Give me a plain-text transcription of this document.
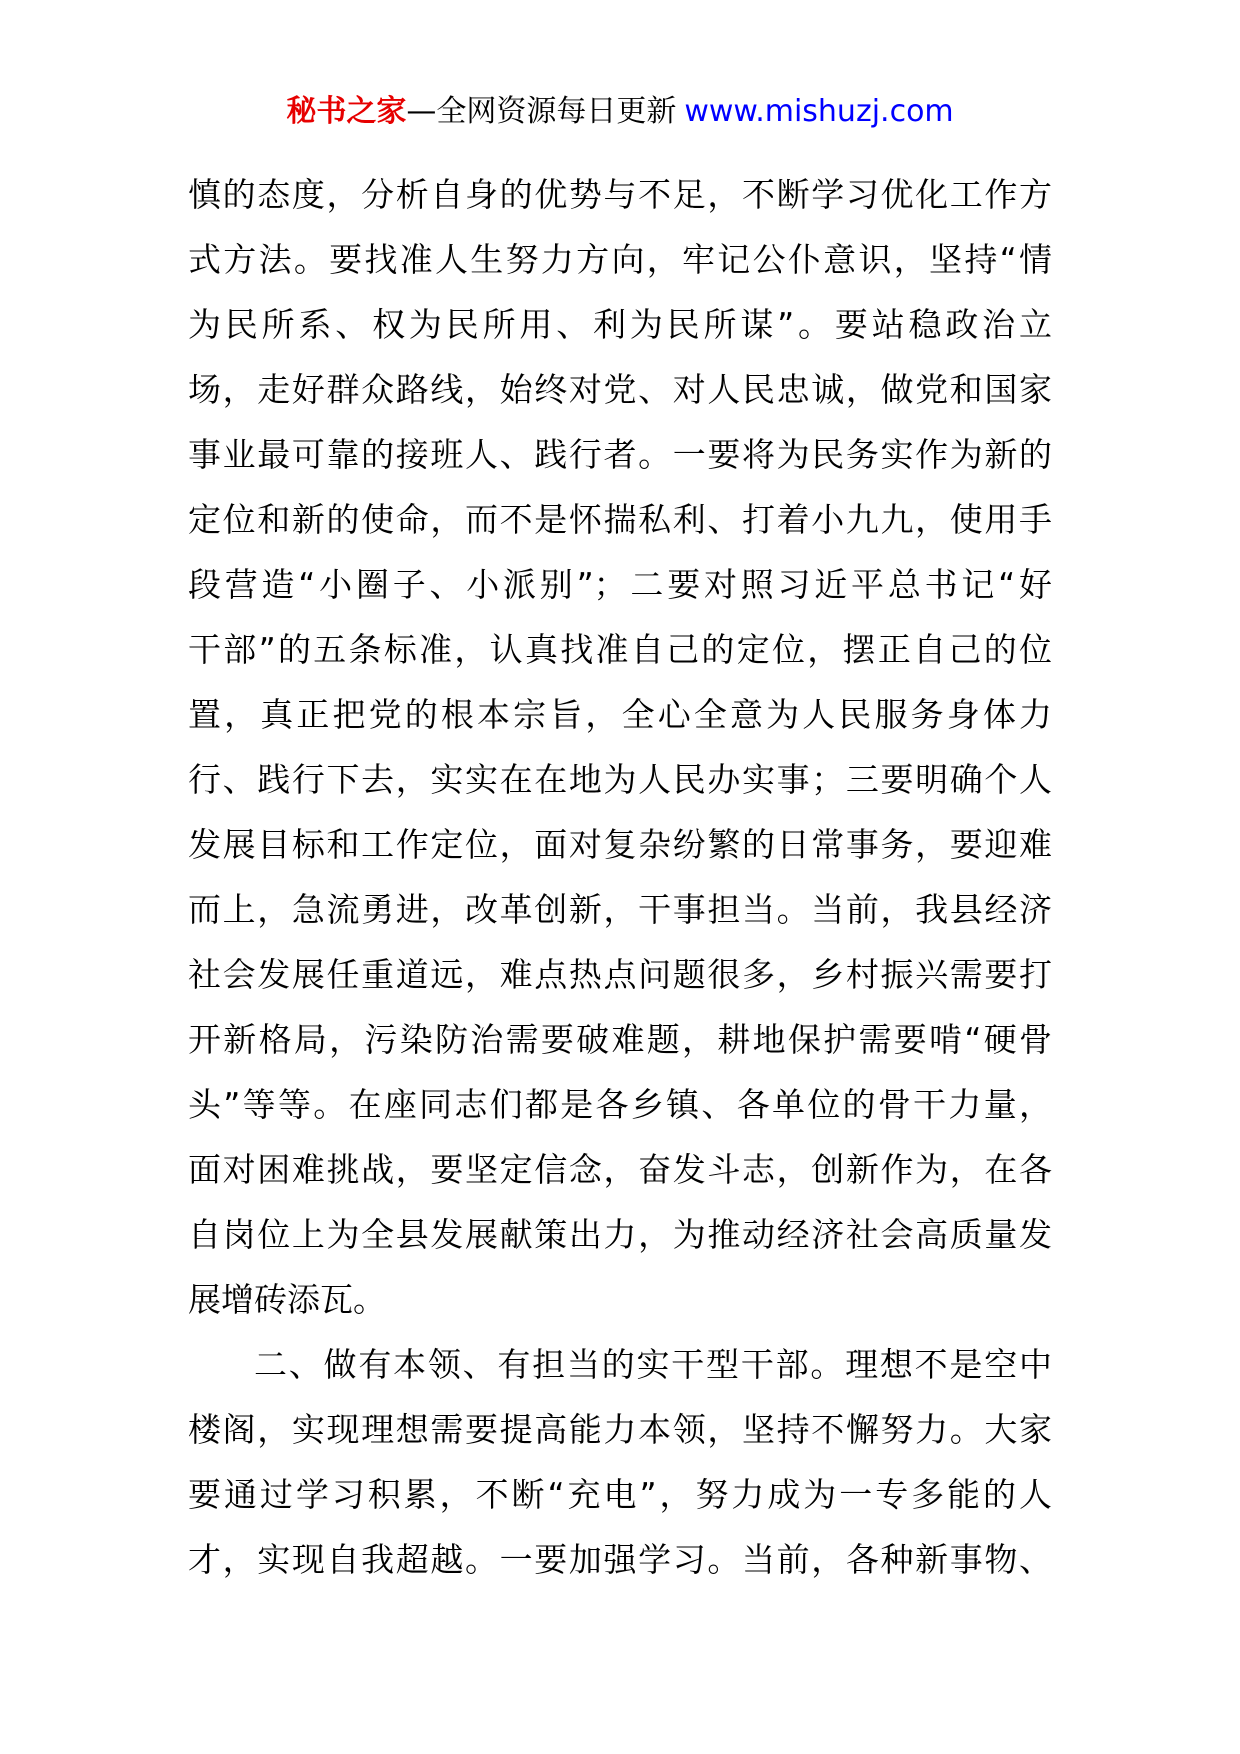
秘书之家—全网资源每日更新 www.mishuzj.com
慎的态度，分析自身的优势与不足，不断学习优化工作方
式方法。要找准人生努力方向，牢记公仆意识，坚持“情
为民所系、权为民所用、利为民所谋”。要站稳政治立
场，走好群众路线，始终对党、对人民忠诚，做党和国家
事业最可靠的接班人、践行者。一要将为民务实作为新的
定位和新的使命，而不是怀揣私利、打着小九九，使用手
段营造“小圈子、小派别”；二要对照习近平总书记“好
干部”的五条标准，认真找准自己的定位，摆正自己的位
置，真正把党的根本宗旨，全心全意为人民服务身体力
行、践行下去，实实在在地为人民办实事；三要明确个人
发展目标和工作定位，面对复杂纷繁的日常事务，要迎难
而上，急流勇进，改革创新，干事担当。当前，我县经济
社会发展任重道远，难点热点问题很多，乡村振兴需要打
开新格局，污染防治需要破难题，耕地保护需要啃“硬骨
头”等等。在座同志们都是各乡镇、各单位的骨干力量，
面对困难挑战，要坚定信念，奋发斗志，创新作为，在各
自岗位上为全县发展献策出力，为推动经济社会高质量发
展增砖添瓦。
二、做有本领、有担当的实干型干部。理想不是空中
楼阁，实现理想需要提高能力本领，坚持不懈努力。大家
要通过学习积累，不断“充电”，努力成为一专多能的人
才，实现自我超越。一要加强学习。当前，各种新事物、
